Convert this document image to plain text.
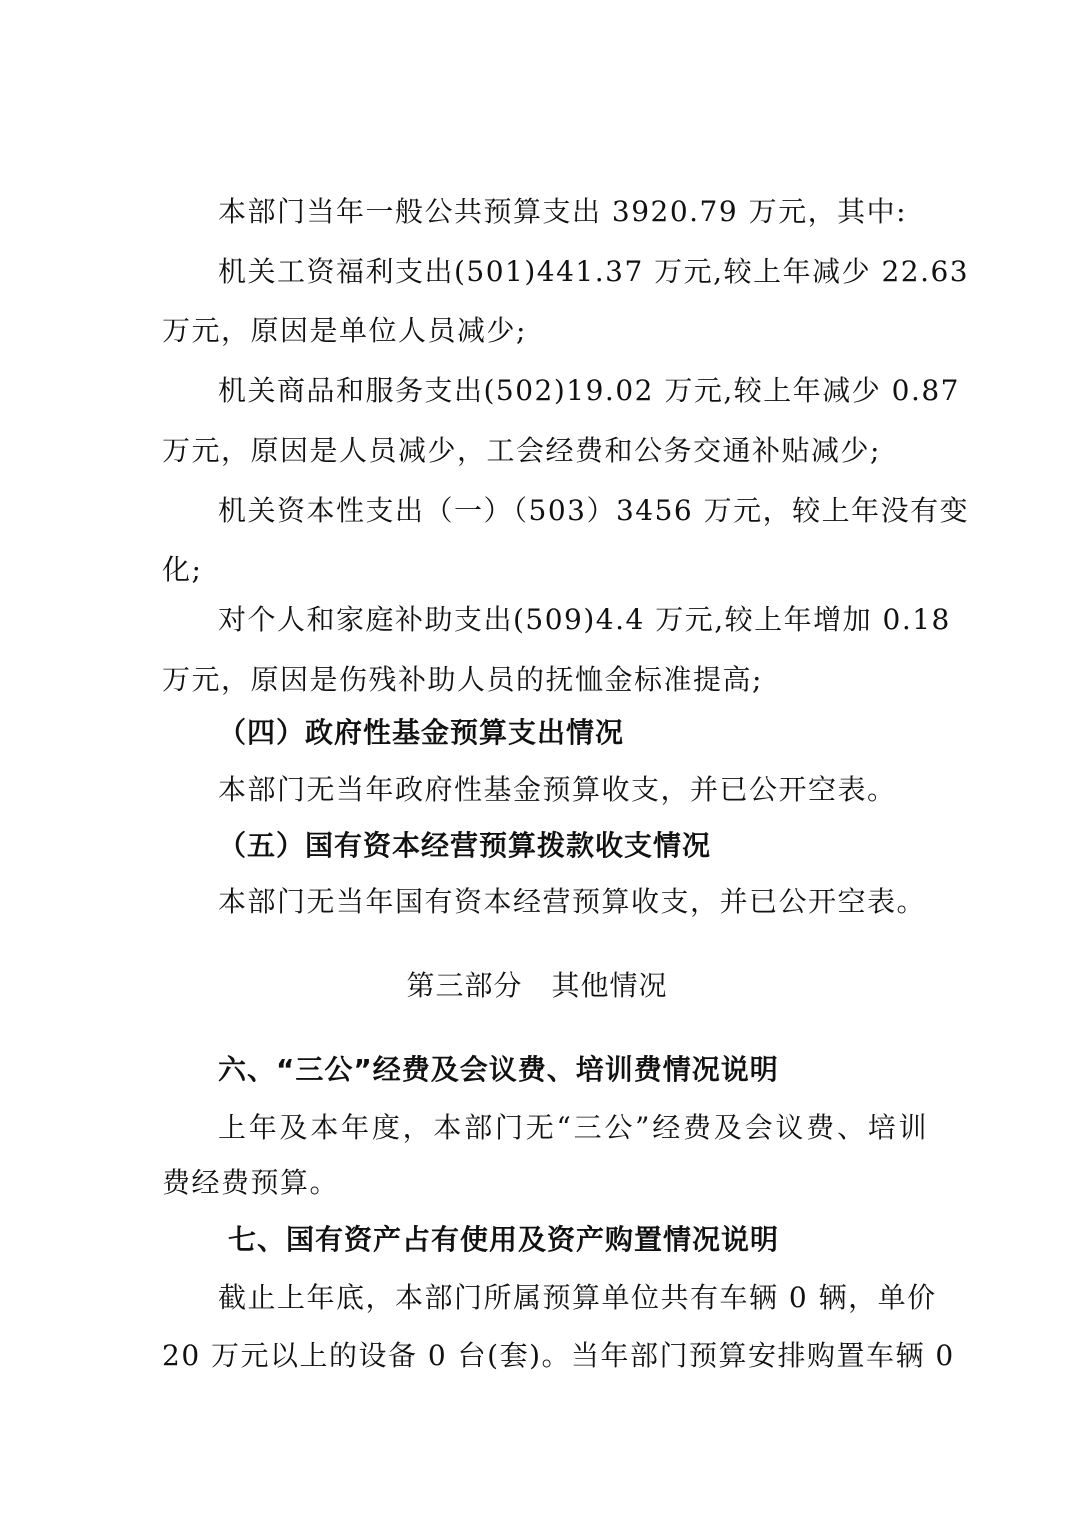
本部门当年一般公共预算支出 3920.79 万元，其中:
机关工资福利支出(501)441.37 万元,较上年减少 22.63
万元，原因是单位人员减少;
机关商品和服务支出(502)19.02 万元,较上年减少 0.87
万元，原因是人员减少，工会经费和公务交通补贴减少;
机关资本性支出（一）（503）3456 万元，较上年没有变
化;
对个人和家庭补助支出(509)4.4 万元,较上年增加 0.18
万元，原因是伤残补助人员的抚恤金标准提高;
（四）政府性基金预算支出情况
本部门无当年政府性基金预算收支，并已公开空表。
（五）国有资本经营预算拨款收支情况
本部门无当年国有资本经营预算收支，并已公开空表。
第三部分　其他情况
六、“三公”经费及会议费、培训费情况说明
上年及本年度，本部门无“三公”经费及会议费、培训
费经费预算。
七、国有资产占有使用及资产购置情况说明
截止上年底，本部门所属预算单位共有车辆 0 辆，单价
20 万元以上的设备 0 台(套)。当年部门预算安排购置车辆 0
